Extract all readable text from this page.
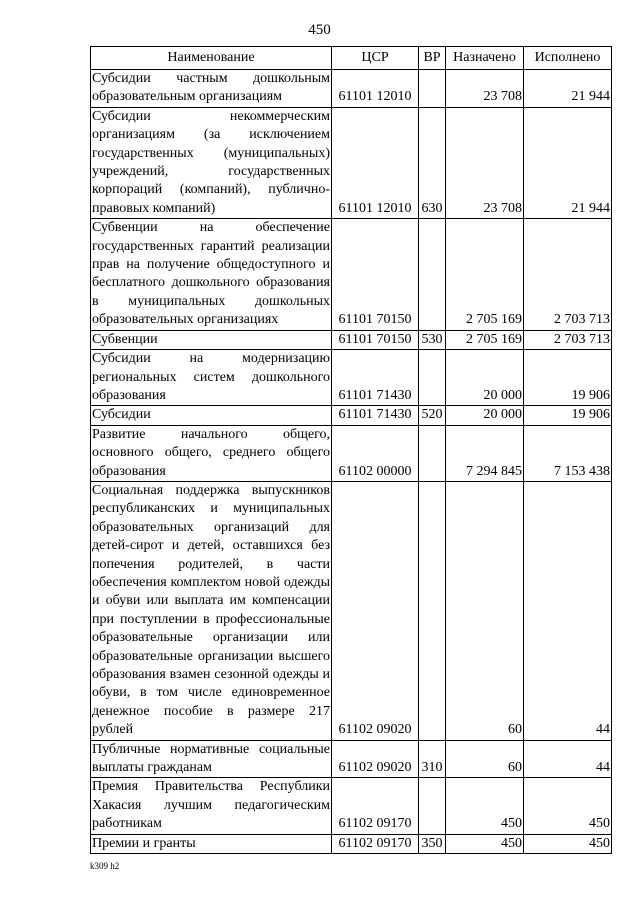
450
Наименование	ЦСР	ВР	Назначено	Исполнено
Субсидии частным дошкольным образовательным организациям	61101 12010		23 708	21 944
Субсидии некоммерческим организациям (за исключением государственных (муниципальных) учреждений, государственных корпораций (компаний), публично-правовых компаний)	61101 12010	630	23 708	21 944
Субвенции на обеспечение государственных гарантий реализации прав на получение общедоступного и бесплатного дошкольного образования в муниципальных дошкольных образовательных организациях	61101 70150		2 705 169	2 703 713
Субвенции	61101 70150	530	2 705 169	2 703 713
Субсидии на модернизацию региональных систем дошкольного образования	61101 71430		20 000	19 906
Субсидии	61101 71430	520	20 000	19 906
Развитие начального общего, основного общего, среднего общего образования	61102 00000		7 294 845	7 153 438
Социальная поддержка выпускников республиканских и муниципальных образовательных организаций для детей-сирот и детей, оставшихся без попечения родителей, в части обеспечения комплектом новой одежды и обуви или выплата им компенсации при поступлении в профессиональные образовательные организации или образовательные организации высшего образования взамен сезонной одежды и обуви, в том числе единовременное денежное пособие в размере 217 рублей	61102 09020		60	44
Публичные нормативные социальные выплаты гражданам	61102 09020	310	60	44
Премия Правительства Республики Хакасия лучшим педагогическим работникам	61102 09170		450	450
Премии и гранты	61102 09170	350	450	450
k309 h2
